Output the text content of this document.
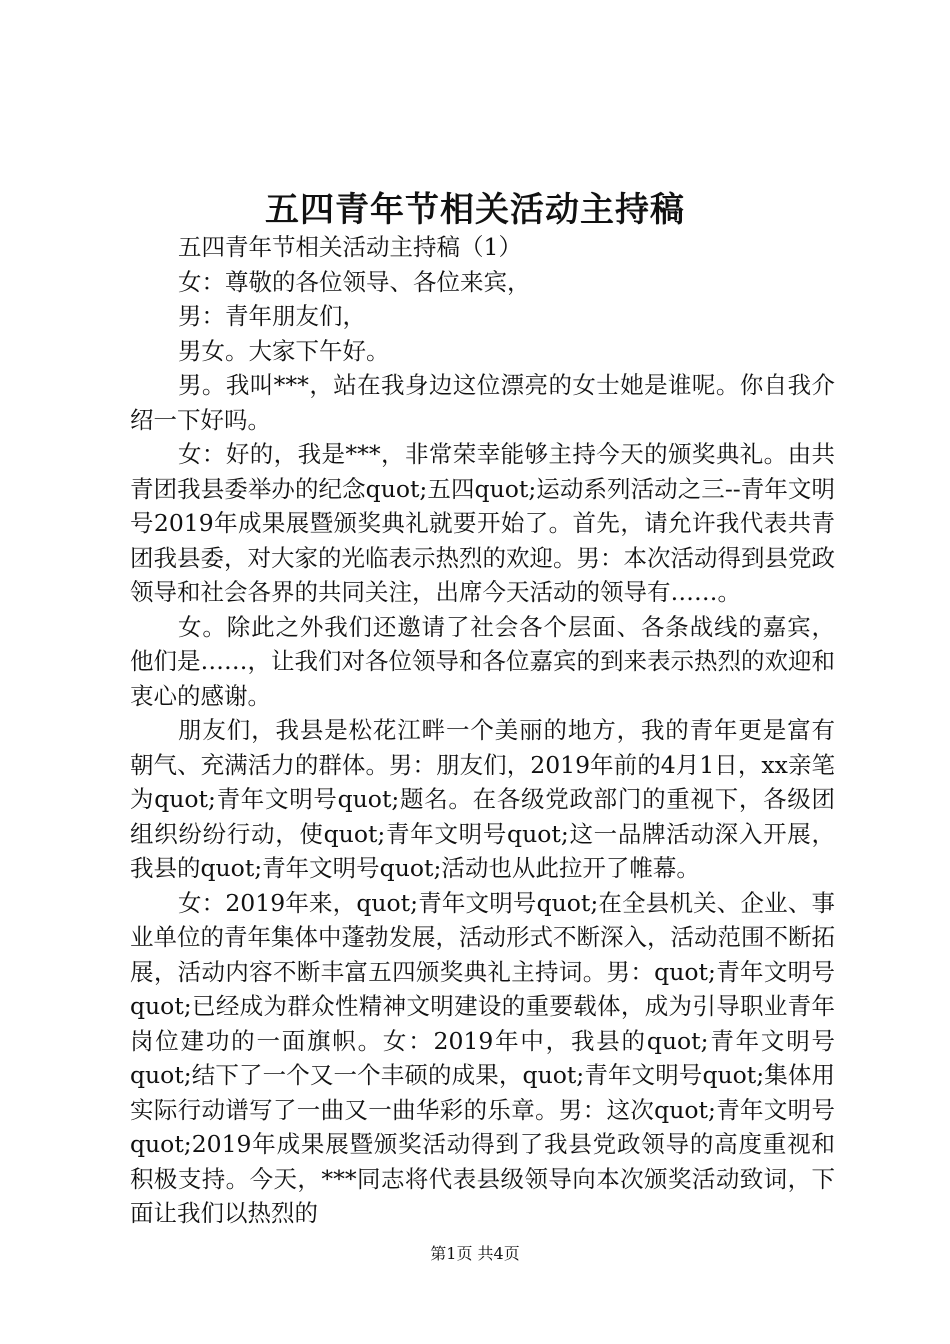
五四青年节相关活动主持稿

五四青年节相关活动主持稿（1）

女：尊敬的各位领导、各位来宾，

男：青年朋友们，

男女。大家下午好。

男。我叫***，站在我身边这位漂亮的女士她是谁呢。你自我介绍一下好吗。

女：好的，我是***，非常荣幸能够主持今天的颁奖典礼。由共青团我县委举办的纪念quot;五四quot;运动系列活动之三--青年文明号2019年成果展暨颁奖典礼就要开始了。首先，请允许我代表共青团我县委，对大家的光临表示热烈的欢迎。男：本次活动得到县党政领导和社会各界的共同关注，出席今天活动的领导有……。

女。除此之外我们还邀请了社会各个层面、各条战线的嘉宾，他们是……，让我们对各位领导和各位嘉宾的到来表示热烈的欢迎和衷心的感谢。

朋友们，我县是松花江畔一个美丽的地方，我的青年更是富有朝气、充满活力的群体。男：朋友们，2019年前的4月1日，xx亲笔为quot;青年文明号quot;题名。在各级党政部门的重视下，各级团组织纷纷行动，使quot;青年文明号quot;这一品牌活动深入开展，我县的quot;青年文明号quot;活动也从此拉开了帷幕。

女：2019年来，quot;青年文明号quot;在全县机关、企业、事业单位的青年集体中蓬勃发展，活动形式不断深入，活动范围不断拓展，活动内容不断丰富五四颁奖典礼主持词。男：quot;青年文明号quot;已经成为群众性精神文明建设的重要载体，成为引导职业青年岗位建功的一面旗帜。女：2019年中，我县的quot;青年文明号quot;结下了一个又一个丰硕的成果，quot;青年文明号quot;集体用实际行动谱写了一曲又一曲华彩的乐章。男：这次quot;青年文明号quot;2019年成果展暨颁奖活动得到了我县党政领导的高度重视和积极支持。今天，***同志将代表县级领导向本次颁奖活动致词，下面让我们以热烈的

第1页 共4页
